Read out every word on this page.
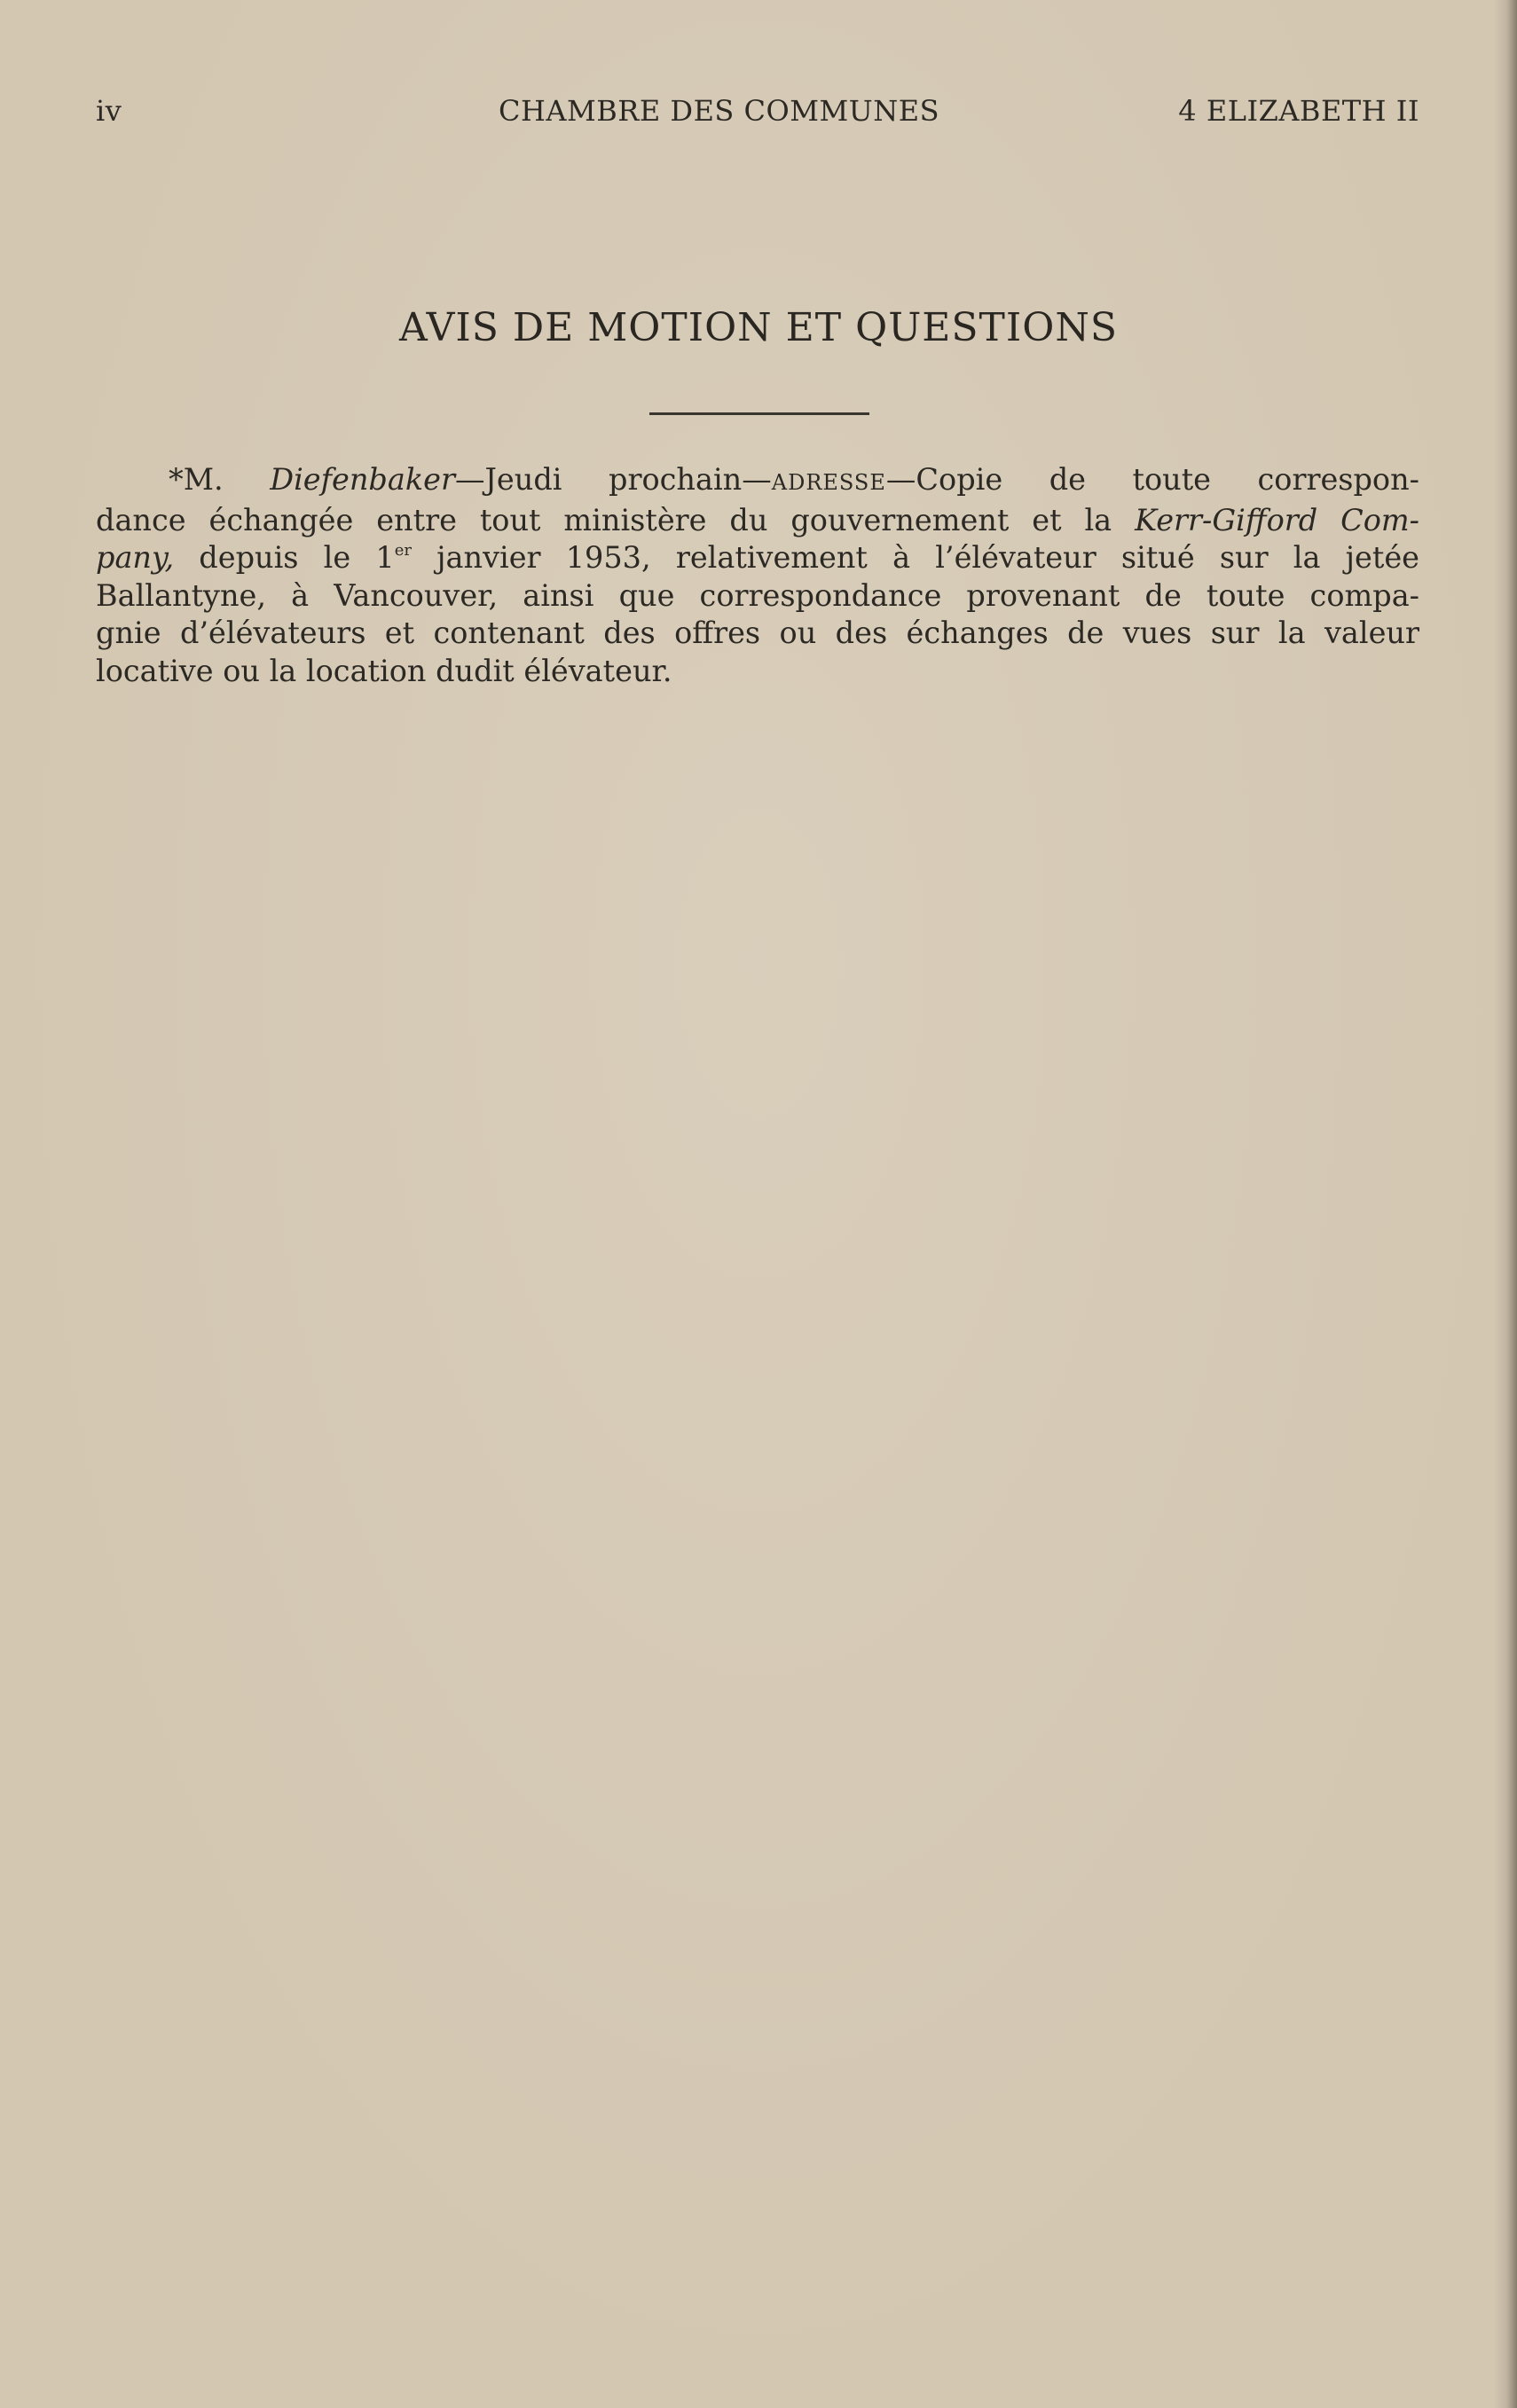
iv	CHAMBRE DES COMMUNES	4 ELIZABETH II
AVIS DE MOTION ET QUESTIONS
*M. Diefenbaker—Jeudi prochain—ADRESSE—Copie de toute correspon-
dance échangée entre tout ministère du gouvernement et la Kerr-Gifford Com-
pany, depuis le 1er janvier 1953, relativement à l’élévateur situé sur la jetée
Ballantyne, à Vancouver, ainsi que correspondance provenant de toute compa-
gnie d’élévateurs et contenant des offres ou des échanges de vues sur la valeur
locative ou la location dudit élévateur.
